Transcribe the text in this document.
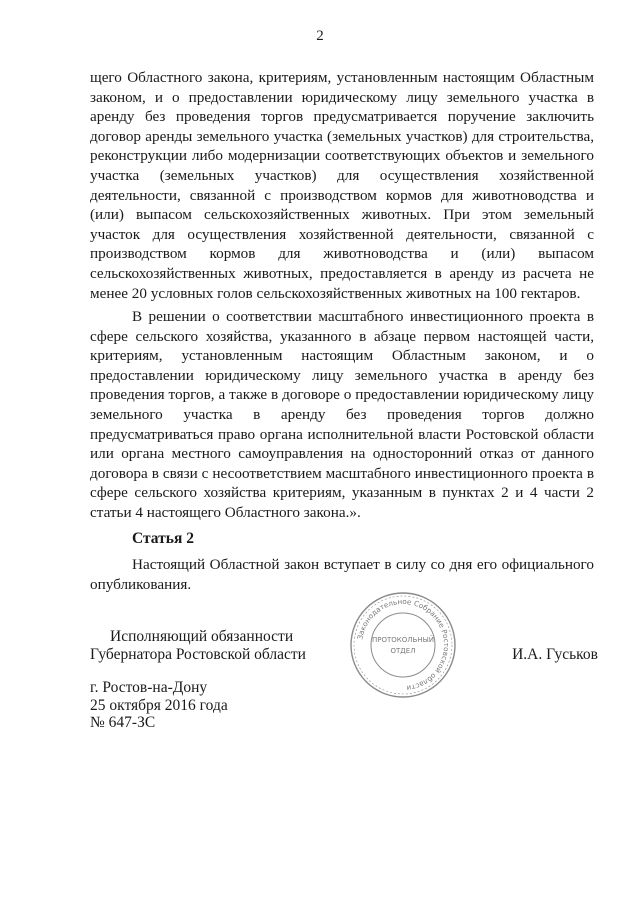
2

щего Областного закона, критериям, установленным настоящим Областным законом, и о предоставлении юридическому лицу земельного участка в аренду без проведения торгов предусматривается поручение заключить договор аренды земельного участка (земельных участков) для строительства, реконструкции либо модернизации соответствующих объектов и земельного участка (земельных участков) для осуществления хозяйственной деятельности, связанной с производством кормов для животноводства и (или) выпасом сельскохозяйственных животных. При этом земельный участок для осуществления хозяйственной деятельности, связанной с производством кормов для животноводства и (или) выпасом сельскохозяйственных животных, предоставляется в аренду из расчета не менее 20 условных голов сельскохозяйственных животных на 100 гектаров.

В решении о соответствии масштабного инвестиционного проекта в сфере сельского хозяйства, указанного в абзаце первом настоящей части, критериям, установленным настоящим Областным законом, и о предоставлении юридическому лицу земельного участка в аренду без проведения торгов, а также в договоре о предоставлении юридическому лицу земельного участка в аренду без проведения торгов должно предусматриваться право органа исполнительной власти Ростовской области или органа местного самоуправления на односторонний отказ от данного договора в связи с несоответствием масштабного инвестиционного проекта в сфере сельского хозяйства критериям, указанным в пунктах 2 и 4 части 2 статьи 4 настоящего Областного закона.».

Статья 2

Настоящий Областной закон вступает в силу со дня его официального опубликования.

Исполняющий обязанности
Губернатора Ростовской области
Законодательное Собрание Ростовской области
ПРОТОКОЛЬНЫЙ
ОТДЕЛ	И.А. Гуськов
г. Ростов-на-Дону
25 октября 2016 года
№ 647-ЗС
